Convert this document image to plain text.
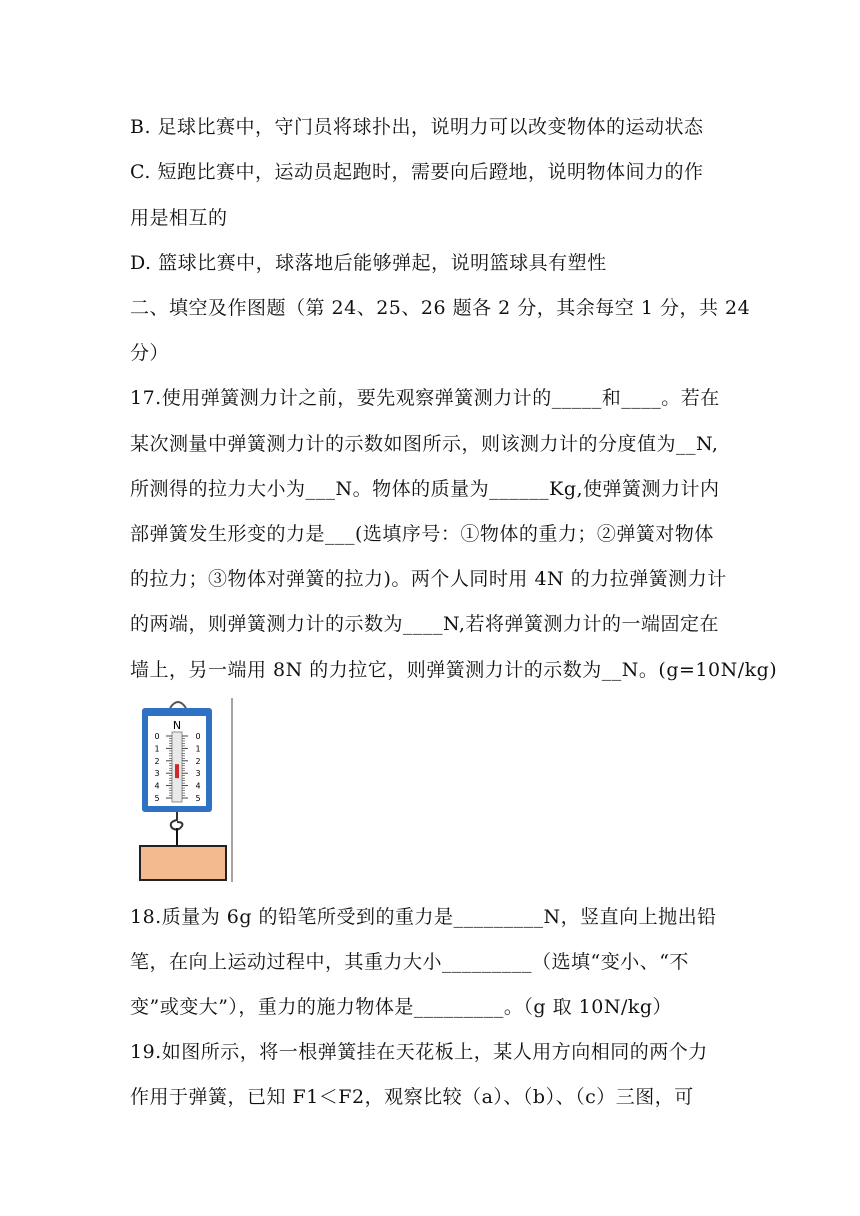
B. 足球比赛中，守门员将球扑出，说明力可以改变物体的运动状态
C. 短跑比赛中，运动员起跑时，需要向后蹬地，说明物体间力的作
用是相互的
D. 篮球比赛中，球落地后能够弹起，说明篮球具有塑性
二、填空及作图题（第 24、25、26 题各 2 分，其余每空 1 分，共 24
分）
17.使用弹簧测力计之前，要先观察弹簧测力计的_____和____。若在
某次测量中弹簧测力计的示数如图所示，则该测力计的分度值为__N,
所测得的拉力大小为___N。物体的质量为______Kg,使弹簧测力计内
部弹簧发生形变的力是___(选填序号：①物体的重力；②弹簧对物体
的拉力；③物体对弹簧的拉力)。两个人同时用 4N 的力拉弹簧测力计
的两端，则弹簧测力计的示数为____N,若将弹簧测力计的一端固定在
墙上，另一端用 8N 的力拉它，则弹簧测力计的示数为__N。(g=10N/kg)
N
0
1
2
3
4
5
0
1
2
3
4
5
18.质量为 6g 的铅笔所受到的重力是_________N，竖直向上抛出铅
笔，在向上运动过程中，其重力大小_________（选填“变小、“不
变”或变大”），重力的施力物体是_________。（g 取 10N/kg）
19.如图所示，将一根弹簧挂在天花板上，某人用方向相同的两个力
作用于弹簧，已知 F1＜F2，观察比较（a）、（b）、（c）三图，可
